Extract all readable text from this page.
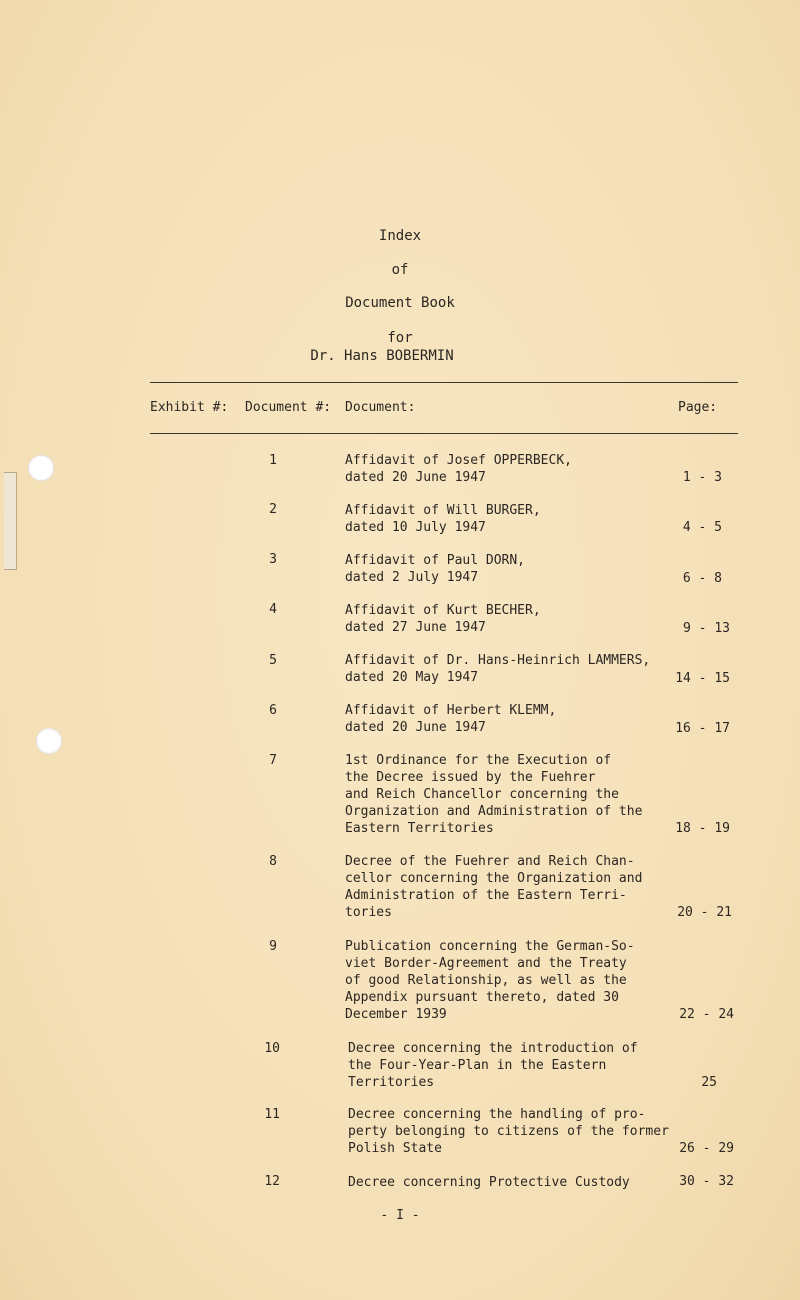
Index

of

Document Book

for

Dr. Hans BOBERMIN

Exhibit #: Document #: Document:	Page:
1	Affidavit of Josef OPPERBECK,
dated 20 June 1947	1 - 3
2	Affidavit of Will BURGER,
dated 10 July 1947	4 - 5
3	Affidavit of Paul DORN,
dated 2 July 1947	6 - 8
4	Affidavit of Kurt BECHER,
dated 27 June 1947	9 - 13
5	Affidavit of Dr. Hans-Heinrich LAMMERS,
dated 20 May 1947	14 - 15
6	Affidavit of Herbert KLEMM,
dated 20 June 1947	16 - 17
7	1st Ordinance for the Execution of
the Decree issued by the Fuehrer
and Reich Chancellor concerning the
Organization and Administration of the
Eastern Territories	18 - 19
8	Decree of the Fuehrer and Reich Chan-
cellor concerning the Organization and
Administration of the Eastern Terri-
tories	20 - 21
9	Publication concerning the German-So-
viet Border-Agreement and the Treaty
of good Relationship, as well as the
Appendix pursuant thereto, dated 30
December 1939	22 - 24
10	Decree concerning the introduction of
the Four-Year-Plan in the Eastern
Territories	25
11	Decree concerning the handling of pro-
perty belonging to citizens of the former
Polish State	26 - 29
12	Decree concerning Protective Custody	30 - 32
- I -
